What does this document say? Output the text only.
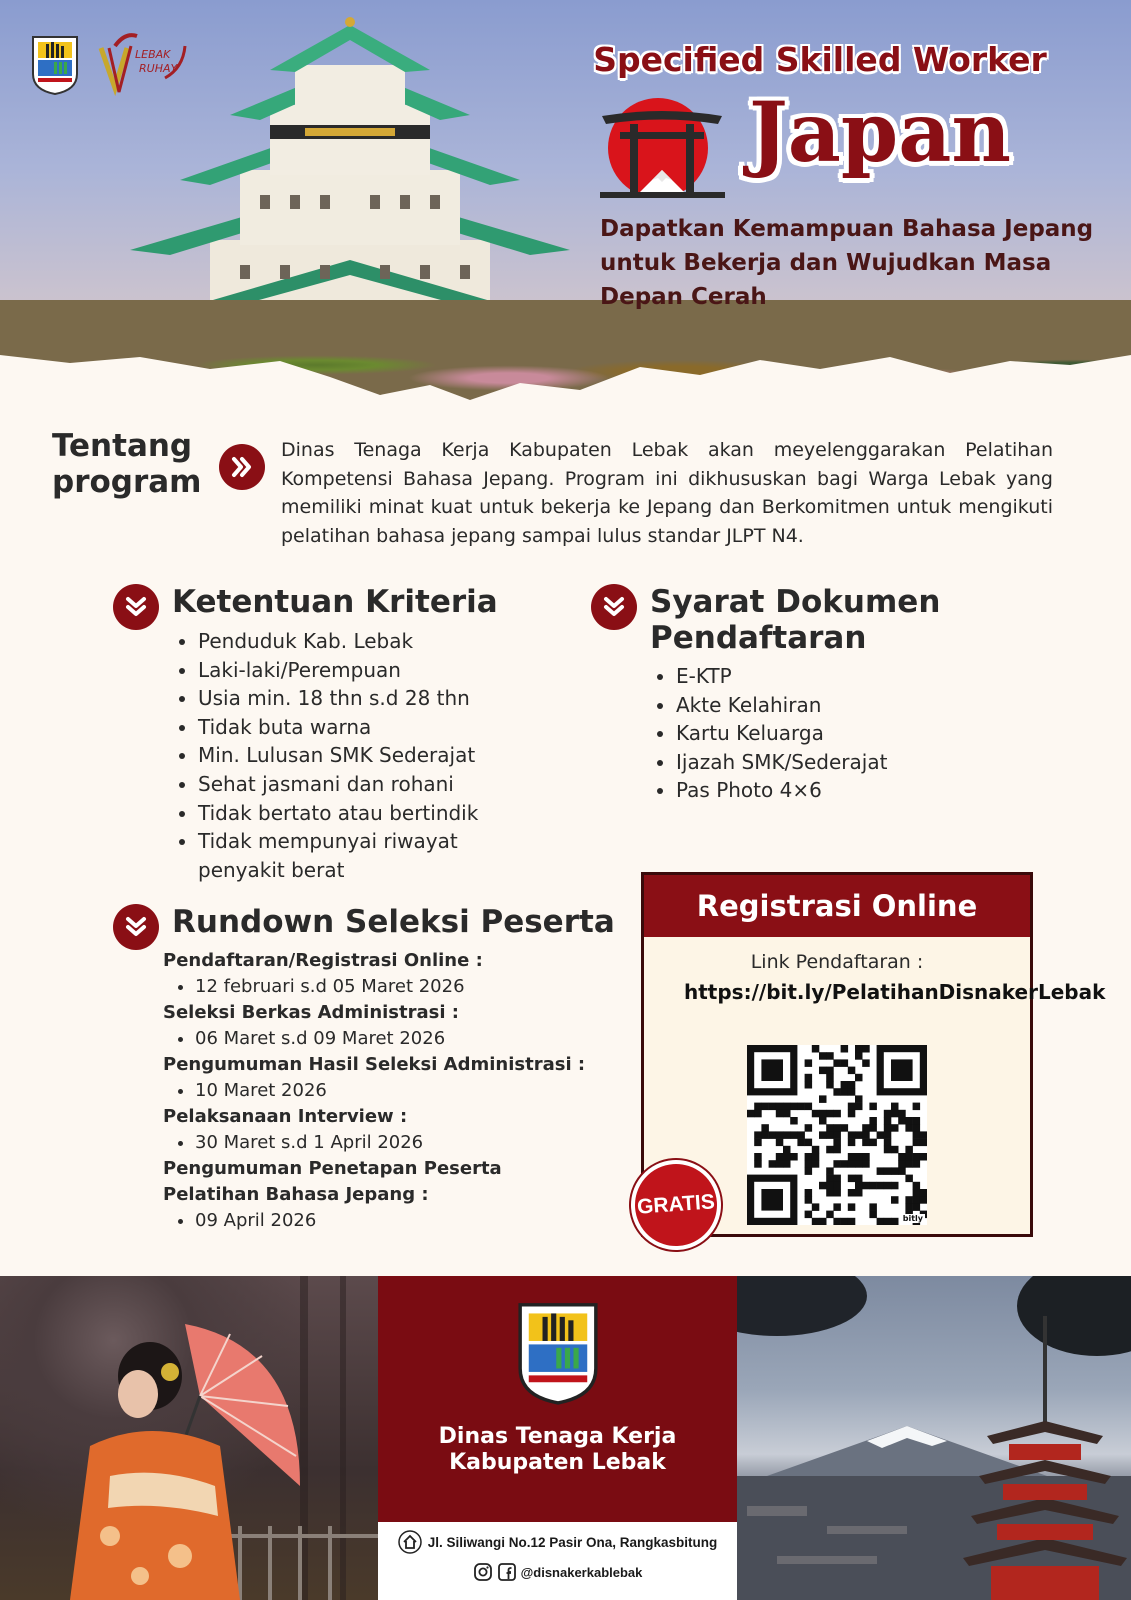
LEBAK
RUHAY	Specified Skilled Worker
Japan
Dapatkan Kemampuan Bahasa Jepang untuk Bekerja dan Wujudkan Masa Depan Cerah
Tentang
program
Dinas Tenaga Kerja Kabupaten Lebak akan meyelenggarakan Pelatihan Kompetensi Bahasa Jepang. Program ini dikhususkan bagi Warga Lebak yang memiliki minat kuat untuk bekerja ke Jepang dan Berkomitmen untuk mengikuti pelatihan bahasa jepang sampai lulus standar JLPT N4.
Ketentuan Kriteria
• Penduduk Kab. Lebak
• Laki-laki/Perempuan
• Usia min. 18 thn s.d 28 thn
• Tidak buta warna
• Min. Lulusan SMK Sederajat
• Sehat jasmani dan rohani
• Tidak bertato atau bertindik
• Tidak mempunyai riwayat penyakit berat
Syarat Dokumen
Pendaftaran
• E-KTP
• Akte Kelahiran
• Kartu Keluarga
• Ijazah SMK/Sederajat
• Pas Photo 4×6
Rundown Seleksi Peserta
Pendaftaran/Registrasi Online :
• 12 februari s.d 05 Maret 2026
Seleksi Berkas Administrasi :
• 06 Maret s.d 09 Maret 2026
Pengumuman Hasil Seleksi Administrasi :
• 10 Maret 2026
Pelaksanaan Interview :
• 30 Maret s.d 1 April 2026
Pengumuman Penetapan Peserta Pelatihan Bahasa Jepang :
• 09 April 2026
Registrasi Online
Link Pendaftaran :
https://bit.ly/PelatihanDisnakerLebak
bitly
GRATIS
Dinas Tenaga Kerja
Kabupaten Lebak
Jl. Siliwangi No.12 Pasir Ona, Rangkasbitung
@disnakerkablebak
